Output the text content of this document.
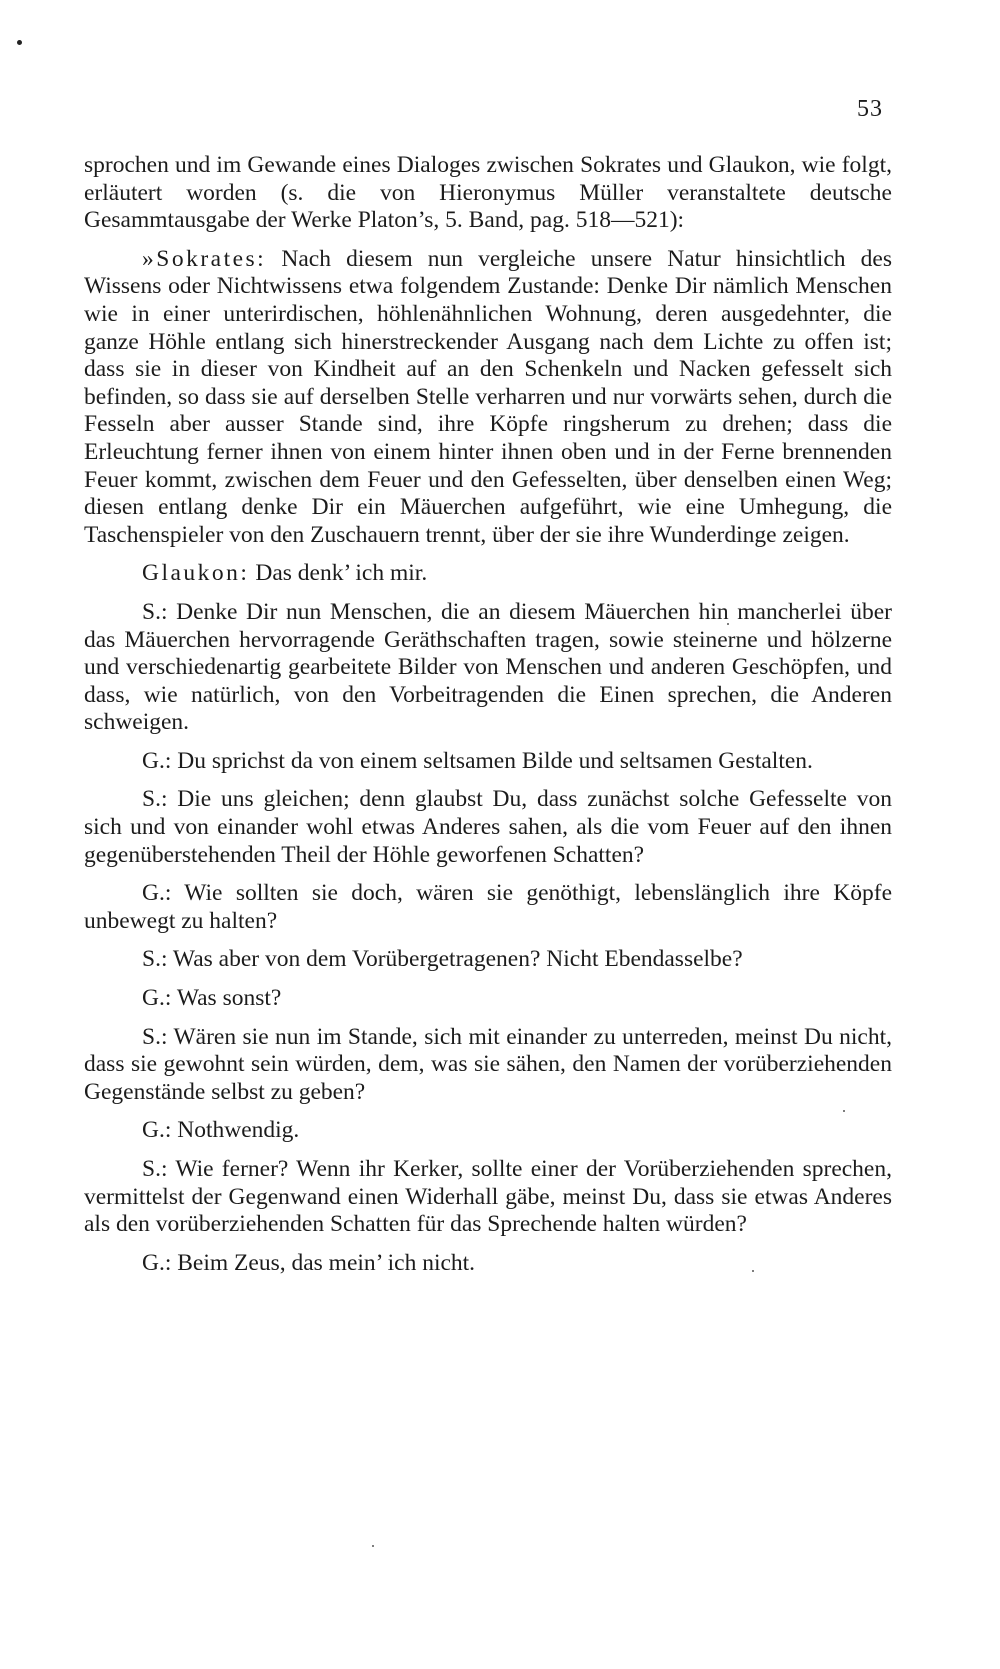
53

sprochen und im Gewande eines Dialoges zwischen Sokrates und Glaukon, wie folgt, erläutert worden (s. die von Hieronymus Müller veranstaltete deutsche Gesammtausgabe der Werke Platon’s, 5. Band, pag. 518—521):

»Sokrates: Nach diesem nun vergleiche unsere Natur hinsichtlich des Wissens oder Nichtwissens etwa folgendem Zustande: Denke Dir nämlich Menschen wie in einer unterirdischen, höhlenähnlichen Wohnung, deren ausgedehnter, die ganze Höhle entlang sich hinerstreckender Ausgang nach dem Lichte zu offen ist; dass sie in dieser von Kindheit auf an den Schenkeln und Nacken gefesselt sich befinden, so dass sie auf derselben Stelle verharren und nur vorwärts sehen, durch die Fesseln aber ausser Stande sind, ihre Köpfe ringsherum zu drehen; dass die Erleuchtung ferner ihnen von einem hinter ihnen oben und in der Ferne brennenden Feuer kommt, zwischen dem Feuer und den Gefesselten, über denselben einen Weg; diesen entlang denke Dir ein Mäuerchen aufgeführt, wie eine Umhegung, die Taschenspieler von den Zuschauern trennt, über der sie ihre Wunderdinge zeigen.

Glaukon: Das denk’ ich mir.

S.: Denke Dir nun Menschen, die an diesem Mäuerchen hin mancherlei über das Mäuerchen hervorragende Geräthschaften tragen, sowie steinerne und hölzerne und verschiedenartig gearbeitete Bilder von Menschen und anderen Geschöpfen, und dass, wie natürlich, von den Vorbeitragenden die Einen sprechen, die Anderen schweigen.

G.: Du sprichst da von einem seltsamen Bilde und seltsamen Gestalten.

S.: Die uns gleichen; denn glaubst Du, dass zunächst solche Gefesselte von sich und von einander wohl etwas Anderes sahen, als die vom Feuer auf den ihnen gegenüberstehenden Theil der Höhle geworfenen Schatten?

G.: Wie sollten sie doch, wären sie genöthigt, lebenslänglich ihre Köpfe unbewegt zu halten?

S.: Was aber von dem Vorübergetragenen? Nicht Ebendasselbe?

G.: Was sonst?

S.: Wären sie nun im Stande, sich mit einander zu unterreden, meinst Du nicht, dass sie gewohnt sein würden, dem, was sie sähen, den Namen der vorüberziehenden Gegenstände selbst zu geben?

G.: Nothwendig.

S.: Wie ferner? Wenn ihr Kerker, sollte einer der Vorüberziehenden sprechen, vermittelst der Gegenwand einen Widerhall gäbe, meinst Du, dass sie etwas Anderes als den vorüberziehenden Schatten für das Sprechende halten würden?

G.: Beim Zeus, das mein’ ich nicht.
